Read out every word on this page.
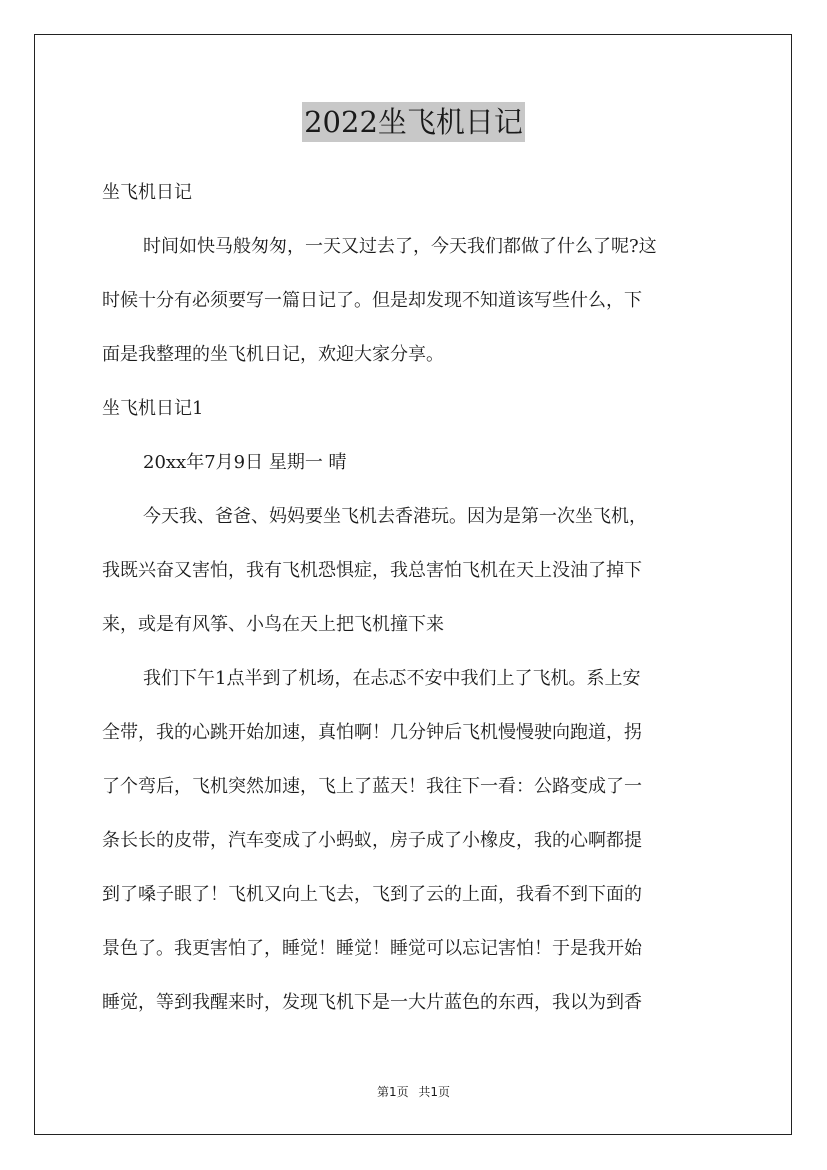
2022坐飞机日记
坐飞机日记
时间如快马般匆匆，一天又过去了，今天我们都做了什么了呢?这
时候十分有必须要写一篇日记了。但是却发现不知道该写些什么，下
面是我整理的坐飞机日记，欢迎大家分享。
坐飞机日记1
20xx年7月9日 星期一 晴
今天我、爸爸、妈妈要坐飞机去香港玩。因为是第一次坐飞机，
我既兴奋又害怕，我有飞机恐惧症，我总害怕飞机在天上没油了掉下
来，或是有风筝、小鸟在天上把飞机撞下来
我们下午1点半到了机场，在忐忑不安中我们上了飞机。系上安
全带，我的心跳开始加速，真怕啊！几分钟后飞机慢慢驶向跑道，拐
了个弯后，飞机突然加速，飞上了蓝天！我往下一看：公路变成了一
条长长的皮带，汽车变成了小蚂蚁，房子成了小橡皮，我的心啊都提
到了嗓子眼了！飞机又向上飞去，飞到了云的上面，我看不到下面的
景色了。我更害怕了，睡觉！睡觉！睡觉可以忘记害怕！于是我开始
睡觉，等到我醒来时，发现飞机下是一大片蓝色的东西，我以为到香
第1页 共1页
